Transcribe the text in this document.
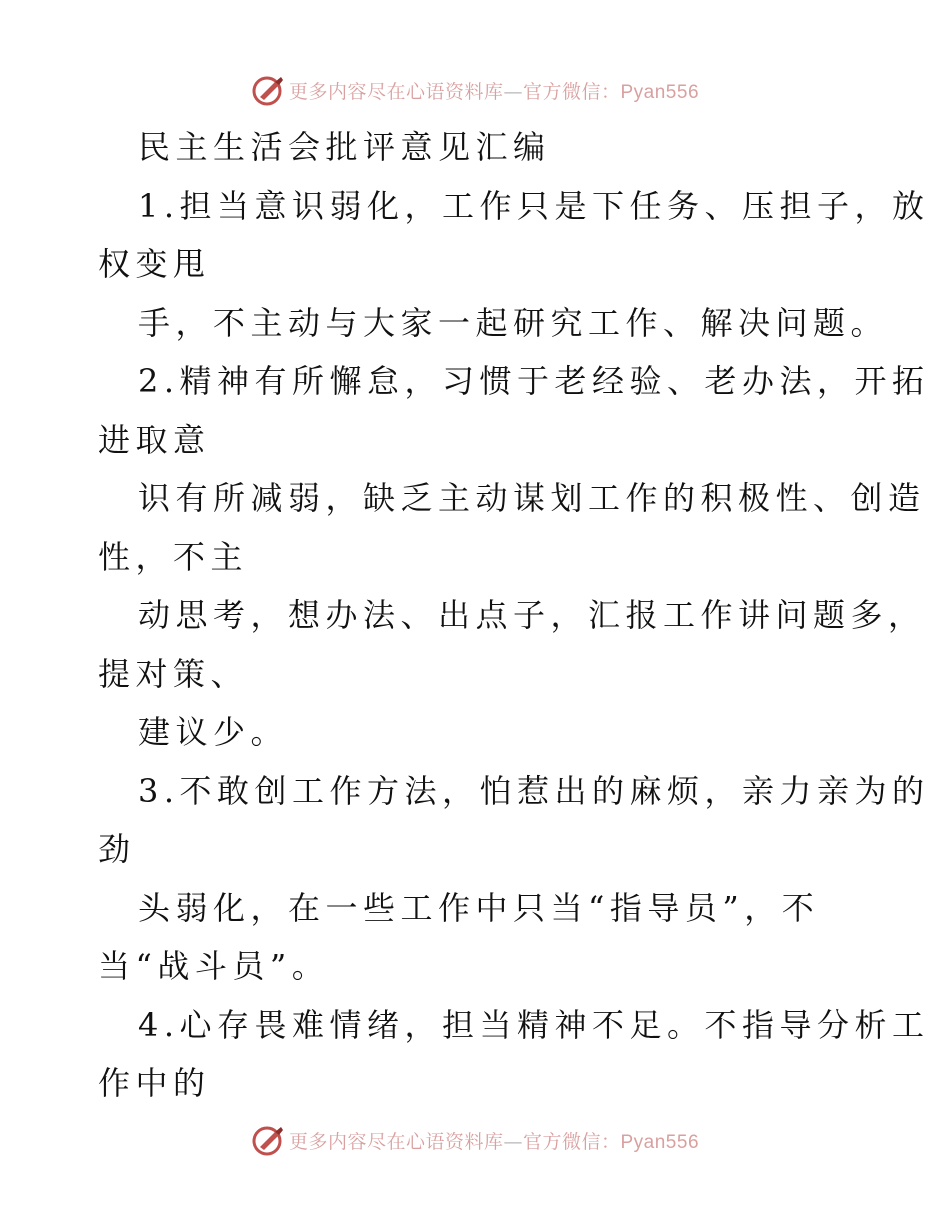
更多内容尽在心语资料库—官方微信：Pyan556
民主生活会批评意见汇编
1.担当意识弱化，工作只是下任务、压担子，放
权变甩
手，不主动与大家一起研究工作、解决问题。
2.精神有所懈怠，习惯于老经验、老办法，开拓
进取意
识有所减弱，缺乏主动谋划工作的积极性、创造
性，不主
动思考，想办法、出点子，汇报工作讲问题多，
提对策、
建议少。
3.不敢创工作方法，怕惹出的麻烦，亲力亲为的
劲
头弱化，在一些工作中只当“指导员”，不
当“战斗员”。
4.心存畏难情绪，担当精神不足。不指导分析工
作中的
更多内容尽在心语资料库—官方微信：Pyan556
